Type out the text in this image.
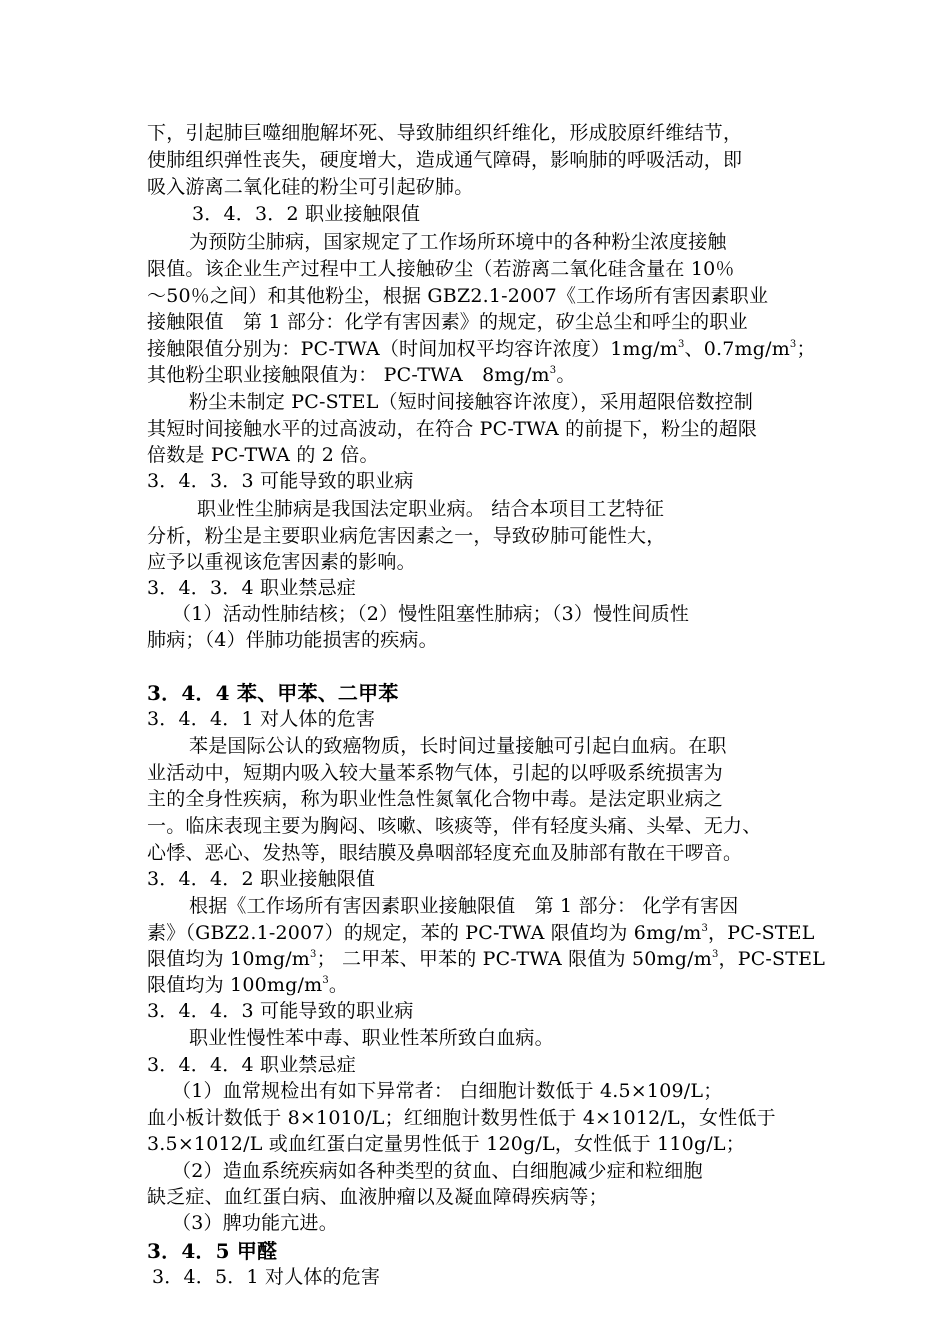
下，引起肺巨噬细胞解坏死、导致肺组织纤维化，形成胶原纤维结节，
使肺组织弹性丧失，硬度增大，造成通气障碍，影响肺的呼吸活动，即
吸入游离二氧化硅的粉尘可引起矽肺。
3．4．3．2 职业接触限值
为预防尘肺病，国家规定了工作场所环境中的各种粉尘浓度接触
限值。该企业生产过程中工人接触矽尘（若游离二氧化硅含量在 10％
～50％之间）和其他粉尘，根据 GBZ2.1-2007《工作场所有害因素职业
接触限值　第 1 部分：化学有害因素》的规定，矽尘总尘和呼尘的职业
接触限值分别为：PC-TWA（时间加权平均容许浓度）$1mg/m^3$、$0.7mg/m^3$；
其他粉尘职业接触限值为： PC-TWA　$8mg/m^3$。
粉尘未制定 PC-STEL（短时间接触容许浓度），采用超限倍数控制
其短时间接触水平的过高波动，在符合 PC-TWA 的前提下，粉尘的超限
倍数是 PC-TWA 的 2 倍。
3．4．3．3 可能导致的职业病
职业性尘肺病是我国法定职业病。 结合本项目工艺特征
分析，粉尘是主要职业病危害因素之一，导致矽肺可能性大，
应予以重视该危害因素的影响。
3．4．3．4 职业禁忌症
（1）活动性肺结核；（2）慢性阻塞性肺病；（3）慢性间质性
肺病；（4）伴肺功能损害的疾病。
3．4．4 苯、甲苯、二甲苯
3．4．4．1 对人体的危害
苯是国际公认的致癌物质，长时间过量接触可引起白血病。在职
业活动中，短期内吸入较大量苯系物气体，引起的以呼吸系统损害为
主的全身性疾病，称为职业性急性氮氧化合物中毒。是法定职业病之
一。临床表现主要为胸闷、咳嗽、咳痰等，伴有轻度头痛、头晕、无力、
心悸、恶心、发热等，眼结膜及鼻咽部轻度充血及肺部有散在干啰音。
3．4．4．2 职业接触限值
根据《工作场所有害因素职业接触限值　第 1 部分： 化学有害因
素》（GBZ2.1-2007）的规定，苯的 PC-TWA 限值均为 $6mg/m^3$，PC-STEL
限值均为 $10mg/m^3$； 二甲苯、甲苯的 PC-TWA 限值为 $50mg/m^3$，PC-STEL
限值均为 $100mg/m^3$。
3．4．4．3 可能导致的职业病
职业性慢性苯中毒、职业性苯所致白血病。
3．4．4．4 职业禁忌症
（1）血常规检出有如下异常者： 白细胞计数低于 4.5×109/L；
血小板计数低于 8×1010/L；红细胞计数男性低于 4×1012/L，女性低于
3.5×1012/L 或血红蛋白定量男性低于 120g/L，女性低于 110g/L；
（2）造血系统疾病如各种类型的贫血、白细胞减少症和粒细胞
缺乏症、血红蛋白病、血液肿瘤以及凝血障碍疾病等；
（3）脾功能亢进。
3．4．5 甲醛
3．4．5．1 对人体的危害
